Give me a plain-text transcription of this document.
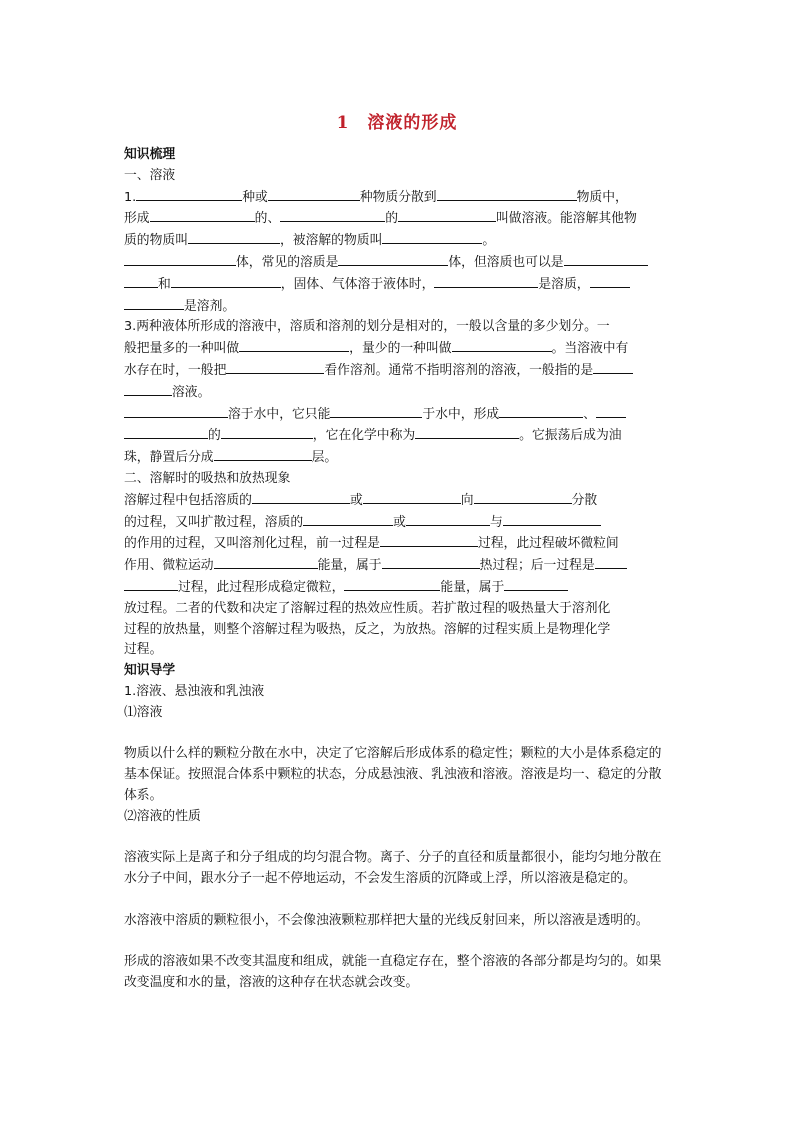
1　溶液的形成

知识梳理

一、溶液

1.	种或	种物质分散到	物质中，
形成	的、	的	叫做溶液。能溶解其他物
质的物质叫	，被溶解的物质叫	。

体，常见的溶质是	体，但溶质也可以是
和	，固体、气体溶于液体时，	是溶质，
是溶剂。

3.两种液体所形成的溶液中，溶质和溶剂的划分是相对的，一般以含量的多少划分。一
般把量多的一种叫做	，量少的一种叫做	。当溶液中有
水存在时，一般把	看作溶剂。通常不指明溶剂的溶液，一般指的是
溶液。

溶于水中，它只能	于水中，形成	、
的	，它在化学中称为	。它振荡后成为油
珠，静置后分成	层。

二、溶解时的吸热和放热现象

溶解过程中包括溶质的	或	向	分散
的过程，又叫扩散过程，溶质的	或	与
的作用的过程，又叫溶剂化过程，前一过程是	过程，此过程破坏微粒间
作用、微粒运动	能量，属于	热过程；后一过程是
过程，此过程形成稳定微粒，	能量，属于
放过程。二者的代数和决定了溶解过程的热效应性质。若扩散过程的吸热量大于溶剂化
过程的放热量，则整个溶解过程为吸热，反之，为放热。溶解的过程实质上是物理化学
过程。

知识导学

1.溶液、悬浊液和乳浊液

⑴溶液

物质以什么样的颗粒分散在水中，决定了它溶解后形成体系的稳定性；颗粒的大小是体系稳定的基本保证。按照混合体系中颗粒的状态，分成悬浊液、乳浊液和溶液。溶液是均一、稳定的分散体系。

⑵溶液的性质

溶液实际上是离子和分子组成的均匀混合物。离子、分子的直径和质量都很小，能均匀地分散在水分子中间，跟水分子一起不停地运动，不会发生溶质的沉降或上浮，所以溶液是稳定的。

水溶液中溶质的颗粒很小，不会像浊液颗粒那样把大量的光线反射回来，所以溶液是透明的。

形成的溶液如果不改变其温度和组成，就能一直稳定存在，整个溶液的各部分都是均匀的。如果改变温度和水的量，溶液的这种存在状态就会改变。
